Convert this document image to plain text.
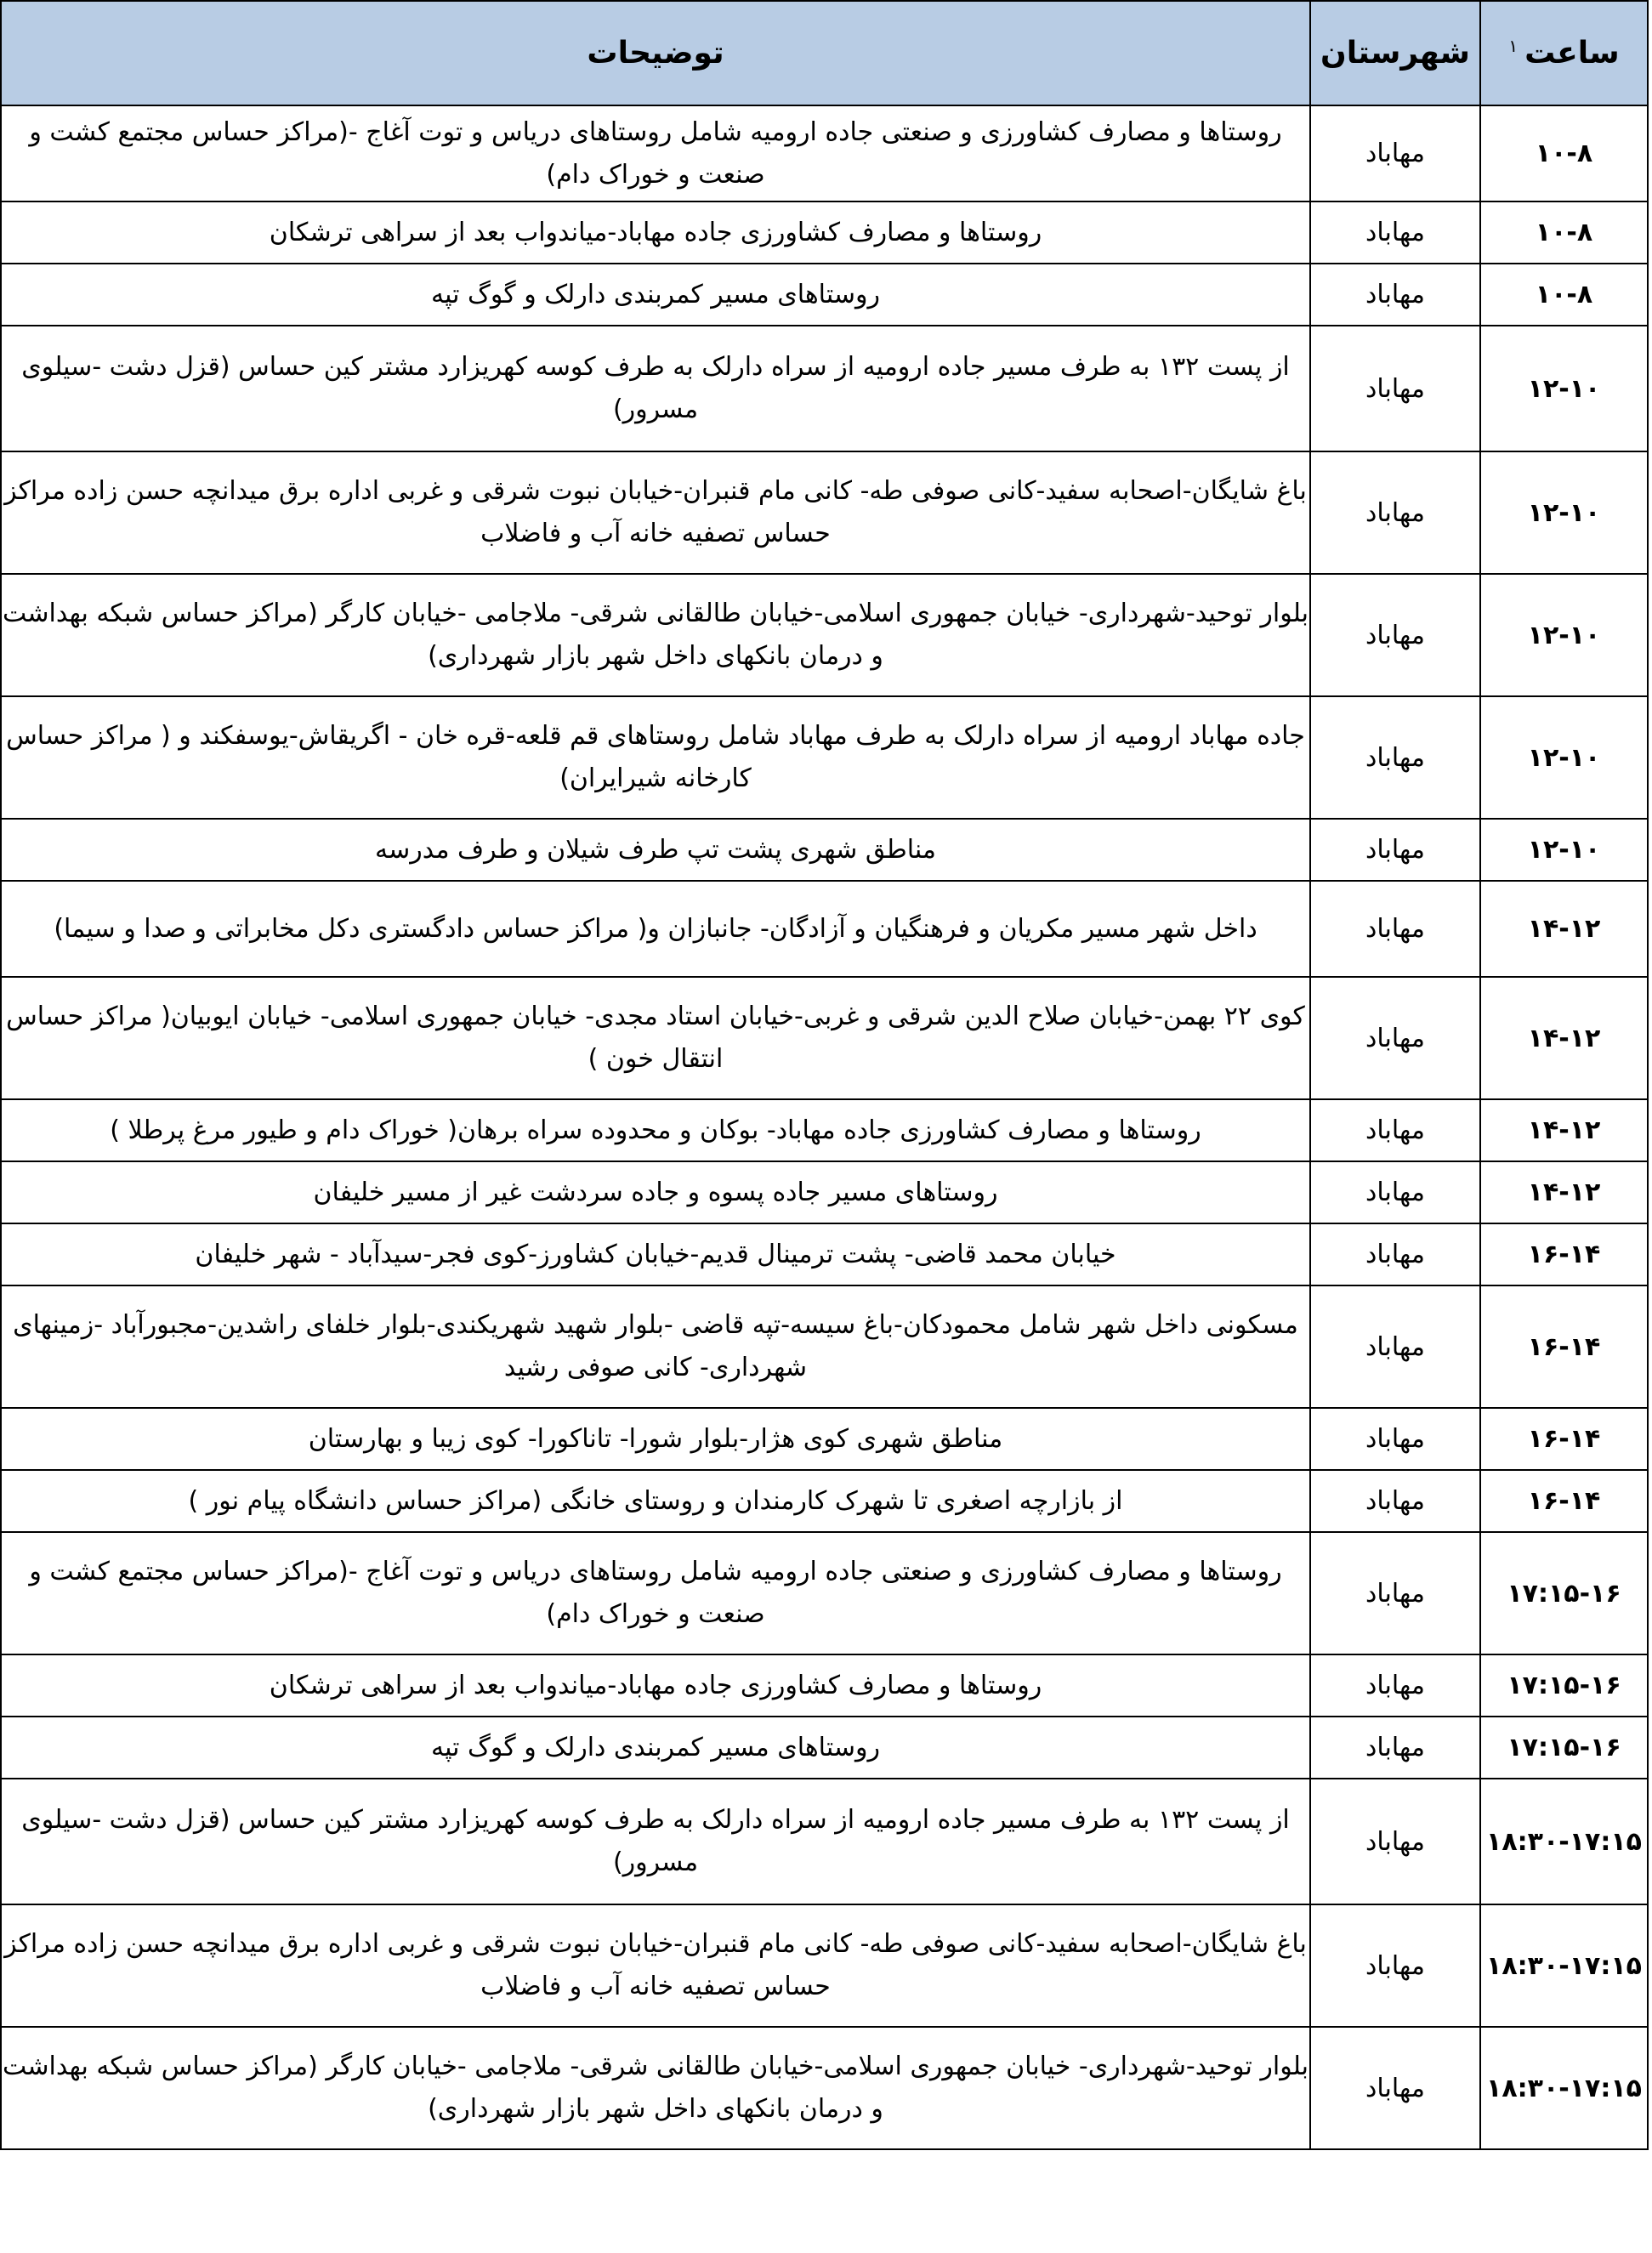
ساعت$^۱$	شهرستان	توضیحات
۱۰-۸	مهاباد	روستاها و مصارف کشاورزی و صنعتی جاده ارومیه شامل روستاهای دریاس و توت آغاج -(مراکز حساس مجتمع کشت و صنعت و خوراک دام)
۱۰-۸	مهاباد	روستاها و مصارف کشاورزی جاده مهاباد-میاندواب بعد از سراهی ترشکان
۱۰-۸	مهاباد	روستاهای مسیر کمربندی دارلک و گوگ تپه
۱۲-۱۰	مهاباد	از پست ۱۳۲ به طرف مسیر جاده ارومیه از سراه دارلک به طرف کوسه کهریزارد مشتر کین حساس (قزل دشت -سیلوی مسرور)
۱۲-۱۰	مهاباد	باغ شایگان-اصحابه سفید-کانی صوفی طه- کانی مام قنبران-خیابان نبوت شرقی و غربی اداره برق میدانچه حسن زاده مراکز حساس تصفیه خانه آب و فاضلاب
۱۲-۱۰	مهاباد	بلوار توحید-شهرداری- خیابان جمهوری اسلامی-خیابان طالقانی شرقی- ملاجامی -خیابان کارگر (مراکز حساس شبکه بهداشت و درمان بانکهای داخل شهر بازار شهرداری)
۱۲-۱۰	مهاباد	جاده مهاباد ارومیه از سراه دارلک به طرف مهاباد شامل روستاهای قم قلعه-قره خان - اگریقاش-یوسفکند و ( مراکز حساس کارخانه شیرایران)
۱۲-۱۰	مهاباد	مناطق شهری پشت تپ طرف شیلان و طرف مدرسه
۱۴-۱۲	مهاباد	داخل شهر مسیر مکریان و فرهنگیان و آزادگان- جانبازان و( مراکز حساس دادگستری دکل مخابراتی و صدا و سیما)
۱۴-۱۲	مهاباد	کوی ۲۲ بهمن-خیابان صلاح الدین شرقی و غربی-خیابان استاد مجدی- خیابان جمهوری اسلامی- خیابان ایوبیان( مراکز حساس انتقال خون )
۱۴-۱۲	مهاباد	روستاها و مصارف کشاورزی جاده مهاباد- بوکان و محدوده سراه برهان( خوراک دام و طیور مرغ پرطلا )
۱۴-۱۲	مهاباد	روستاهای مسیر جاده پسوه و جاده سردشت غیر از مسیر خلیفان
۱۶-۱۴	مهاباد	خیابان محمد قاضی- پشت ترمینال قدیم-خیابان کشاورز-کوی فجر-سیدآباد - شهر خلیفان
۱۶-۱۴	مهاباد	مسکونی داخل شهر شامل محمودکان-باغ سیسه-تپه قاضی -بلوار شهید شهریکندی-بلوار خلفای راشدین-مجبورآباد -زمینهای شهرداری- کانی صوفی رشید
۱۶-۱۴	مهاباد	مناطق شهری کوی هژار-بلوار شورا- تاناکورا- کوی زیبا و بهارستان
۱۶-۱۴	مهاباد	از بازارچه اصغری تا شهرک کارمندان و روستای خانگی (مراکز حساس دانشگاه پیام نور )
۱۷:۱۵-۱۶	مهاباد	روستاها و مصارف کشاورزی و صنعتی جاده ارومیه شامل روستاهای دریاس و توت آغاج -(مراکز حساس مجتمع کشت و صنعت و خوراک دام)
۱۷:۱۵-۱۶	مهاباد	روستاها و مصارف کشاورزی جاده مهاباد-میاندواب بعد از سراهی ترشکان
۱۷:۱۵-۱۶	مهاباد	روستاهای مسیر کمربندی دارلک و گوگ تپه
۱۸:۳۰-۱۷:۱۵	مهاباد	از پست ۱۳۲ به طرف مسیر جاده ارومیه از سراه دارلک به طرف کوسه کهریزارد مشتر کین حساس (قزل دشت -سیلوی مسرور)
۱۸:۳۰-۱۷:۱۵	مهاباد	باغ شایگان-اصحابه سفید-کانی صوفی طه- کانی مام قنبران-خیابان نبوت شرقی و غربی اداره برق میدانچه حسن زاده مراکز حساس تصفیه خانه آب و فاضلاب
۱۸:۳۰-۱۷:۱۵	مهاباد	بلوار توحید-شهرداری- خیابان جمهوری اسلامی-خیابان طالقانی شرقی- ملاجامی -خیابان کارگر (مراکز حساس شبکه بهداشت و درمان بانکهای داخل شهر بازار شهرداری)
